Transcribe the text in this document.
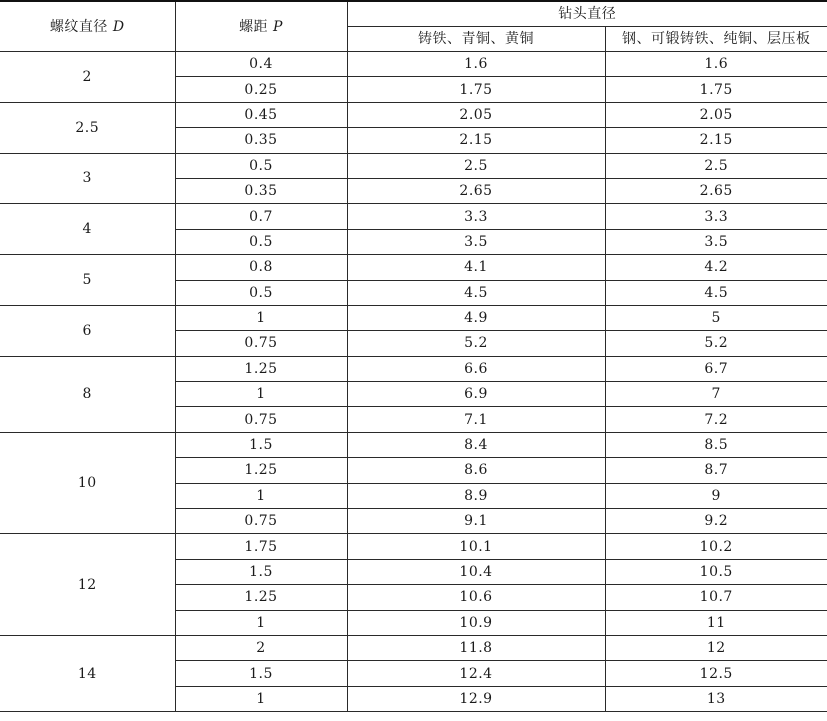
螺纹直径 D	螺距 P	钻头直径	
		铸铁、青铜、黄铜	钢、可锻铸铁、纯铜、层压板
2	0.4	1.6	1.6
	0.25	1.75	1.75
2.5	0.45	2.05	2.05
	0.35	2.15	2.15
3	0.5	2.5	2.5
	0.35	2.65	2.65
4	0.7	3.3	3.3
	0.5	3.5	3.5
5	0.8	4.1	4.2
	0.5	4.5	4.5
6	1	4.9	5
	0.75	5.2	5.2
8	1.25	6.6	6.7
	1	6.9	7
	0.75	7.1	7.2
10	1.5	8.4	8.5
	1.25	8.6	8.7
	1	8.9	9
	0.75	9.1	9.2
12	1.75	10.1	10.2
	1.5	10.4	10.5
	1.25	10.6	10.7
	1	10.9	11
14	2	11.8	12
	1.5	12.4	12.5
	1	12.9	13
